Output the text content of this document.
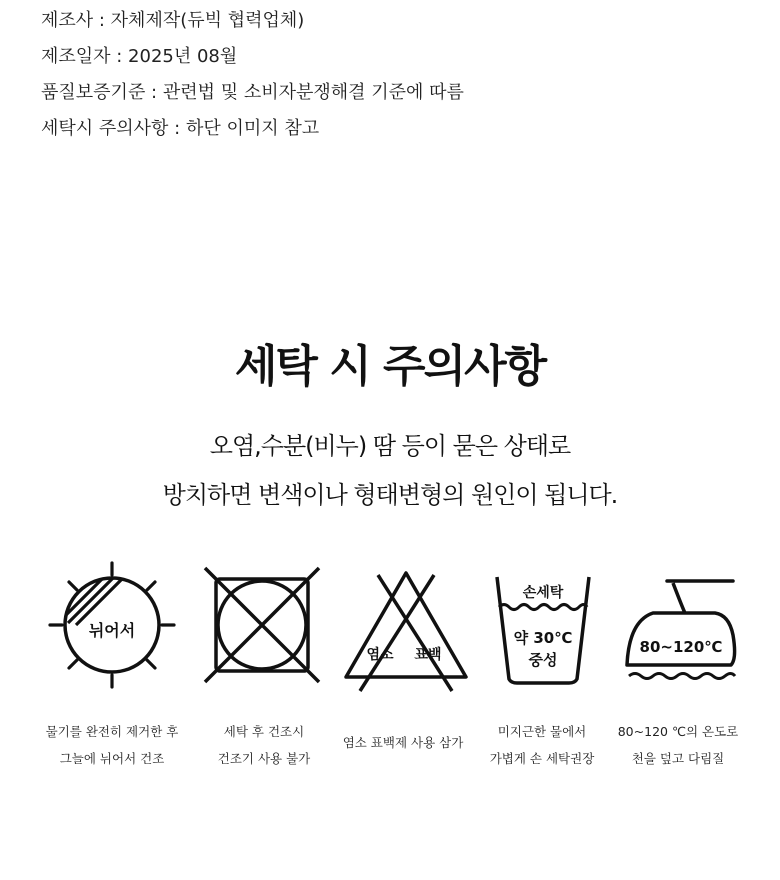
제조사 : 자체제작(듀빅 협력업체)
제조일자 : 2025년 08월
품질보증기준 : 관련법 및 소비자분쟁해결 기준에 따름
세탁시 주의사항 : 하단 이미지 참고
세탁 시 주의사항
오염,수분(비누) 땀 등이 묻은 상태로
방치하면 변색이나 형태변형의 원인이 됩니다.
뉘어서
염소 표백
손세탁
약 30℃
중성
80~120℃
물기를 완전히 제거한 후
그늘에 뉘어서 건조
세탁 후 건조시
건조기 사용 불가
염소 표백제 사용 삼가
미지근한 물에서
가볍게 손 세탁권장
80~120 ℃의 온도로
천을 덮고 다림질
